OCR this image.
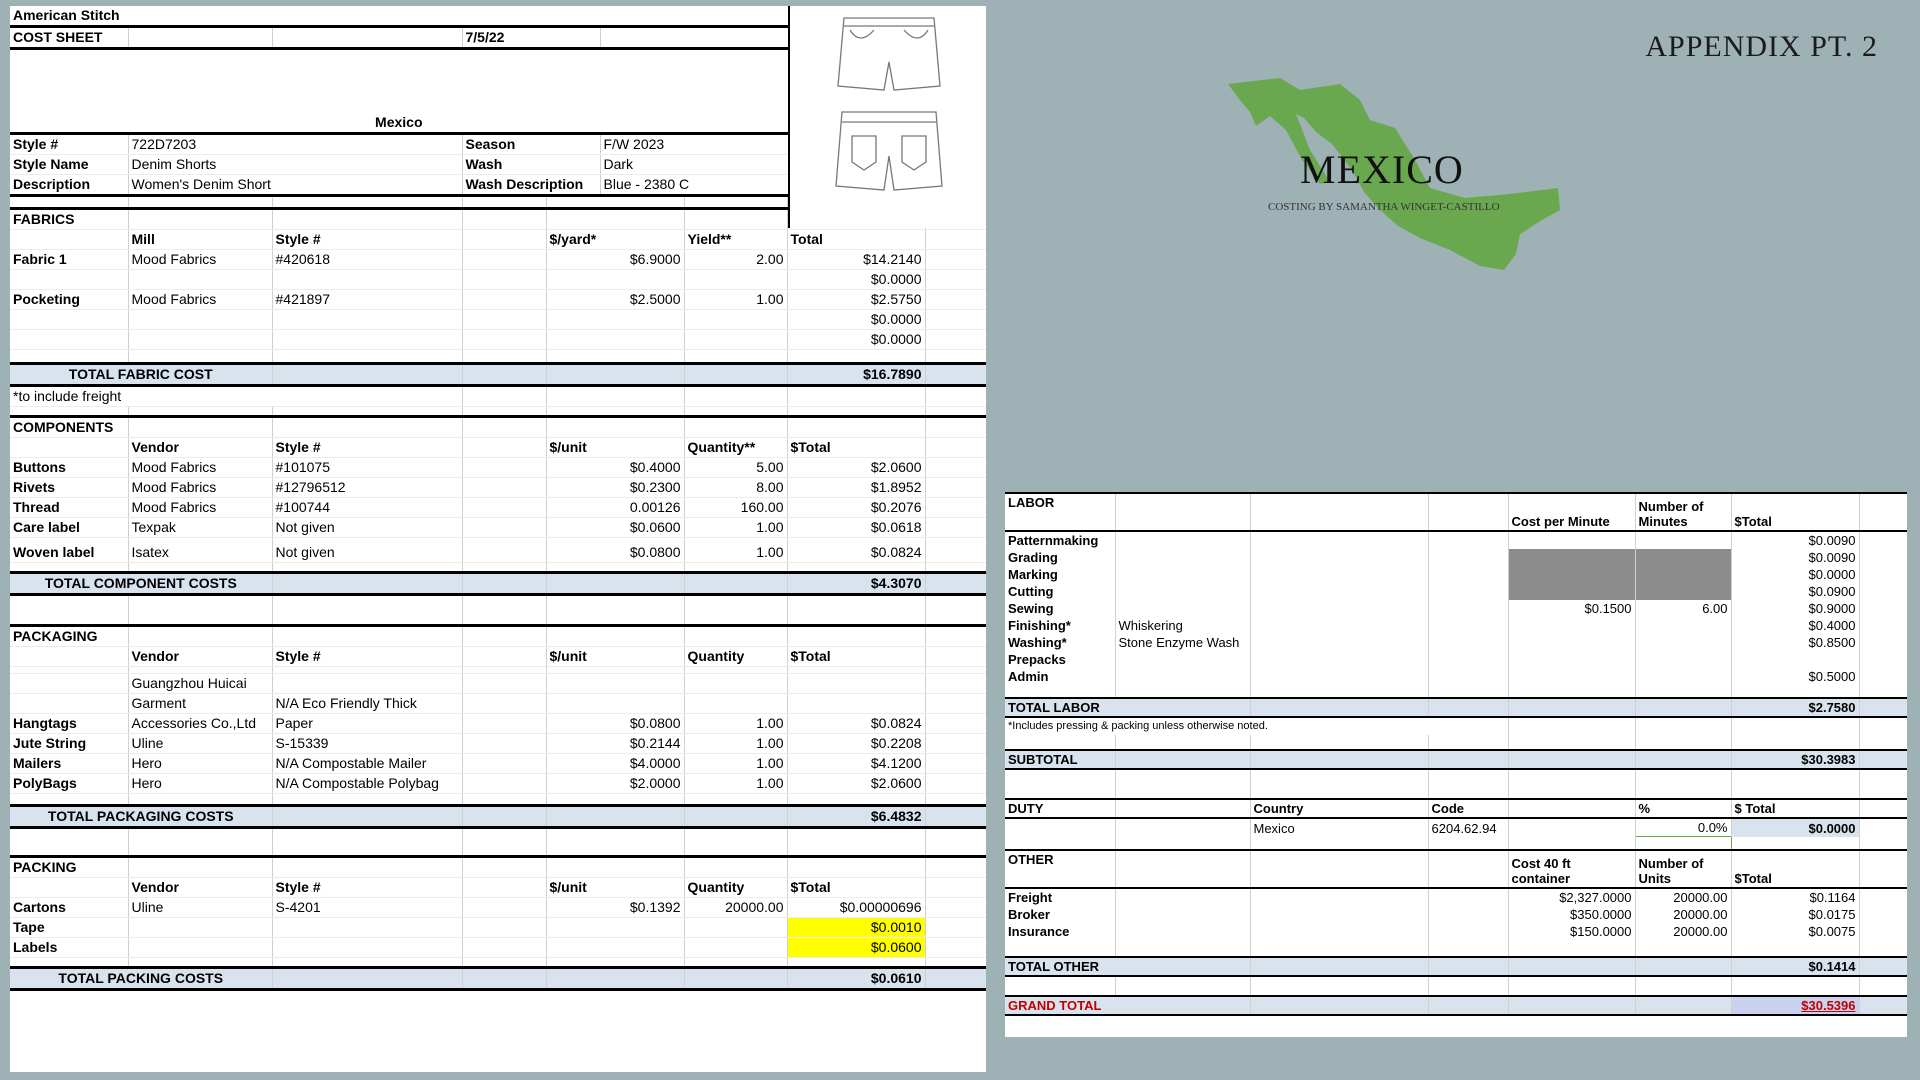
APPENDIX PT. 2
MEXICO
COSTING BY SAMANTHA WINGET-CASTILLO
American Stitch				
COST SHEET			7/5/22	
Mexico				
Style #	722D7203		Season	F/W 2023
Style Name	Denim Shorts		Wash	Dark
Description	Women's Denim Short		Wash Description	Blue - 2380 C

FABRICS							
	Mill	Style #		$/yard*	Yield**	Total	
Fabric 1	Mood Fabrics	#420618		$6.9000	2.00	$14.2140	
						$0.0000	
Pocketing	Mood Fabrics	#421897		$2.5000	1.00	$2.5750	
						$0.0000	
						$0.0000	

TOTAL FABRIC COST						$16.7890	
*to include freight							

COMPONENTS							
	Vendor	Style #		$/unit	Quantity**	$Total	
Buttons	Mood Fabrics	#101075		$0.4000	5.00	$2.0600	
Rivets	Mood Fabrics	#12796512		$0.2300	8.00	$1.8952	
Thread	Mood Fabrics	#100744		0.00126	160.00	$0.2076	
Care label	Texpak	Not given		$0.0600	1.00	$0.0618	
Woven label	Isatex	Not given		$0.0800	1.00	$0.0824	

TOTAL COMPONENT COSTS						$4.3070	

PACKAGING							
	Vendor	Style #		$/unit	Quantity	$Total	

	Guangzhou Huicai						
	Garment	N/A Eco Friendly Thick					
Hangtags	Accessories Co.,Ltd	Paper		$0.0800	1.00	$0.0824	
Jute String	Uline	S-15339		$0.2144	1.00	$0.2208	
Mailers	Hero	N/A Compostable Mailer		$4.0000	1.00	$4.1200	
PolyBags	Hero	N/A Compostable Polybag		$2.0000	1.00	$2.0600	

TOTAL PACKAGING COSTS						$6.4832	

PACKING							
	Vendor	Style #		$/unit	Quantity	$Total	
Cartons	Uline	S-4201		$0.1392	20000.00	$0.00000696	
Tape						$0.0010	
Labels						$0.0600	

TOTAL PACKING COSTS						$0.0610	
LABOR				Cost per Minute	Number of Minutes	$Total	
Patternmaking						$0.0090	
Grading						$0.0090	
Marking						$0.0000	
Cutting						$0.0900	
Sewing				$0.1500	6.00	$0.9000	
Finishing*	Whiskering					$0.4000	
Washing*	Stone Enzyme Wash					$0.8500	
Prepacks							
Admin						$0.5000	

TOTAL LABOR						$2.7580	
*Includes pressing & packing unless otherwise noted.							

SUBTOTAL						$30.3983	

DUTY		Country	Code		%	$ Total	
		Mexico	6204.62.94		0.0%	$0.0000	

OTHER				Cost 40 ft container	Number of Units	$Total	
Freight				$2,327.0000	20000.00	$0.1164	
Broker				$350.0000	20000.00	$0.0175	
Insurance				$150.0000	20000.00	$0.0075	

TOTAL OTHER						$0.1414	

GRAND TOTAL						$30.5396	
